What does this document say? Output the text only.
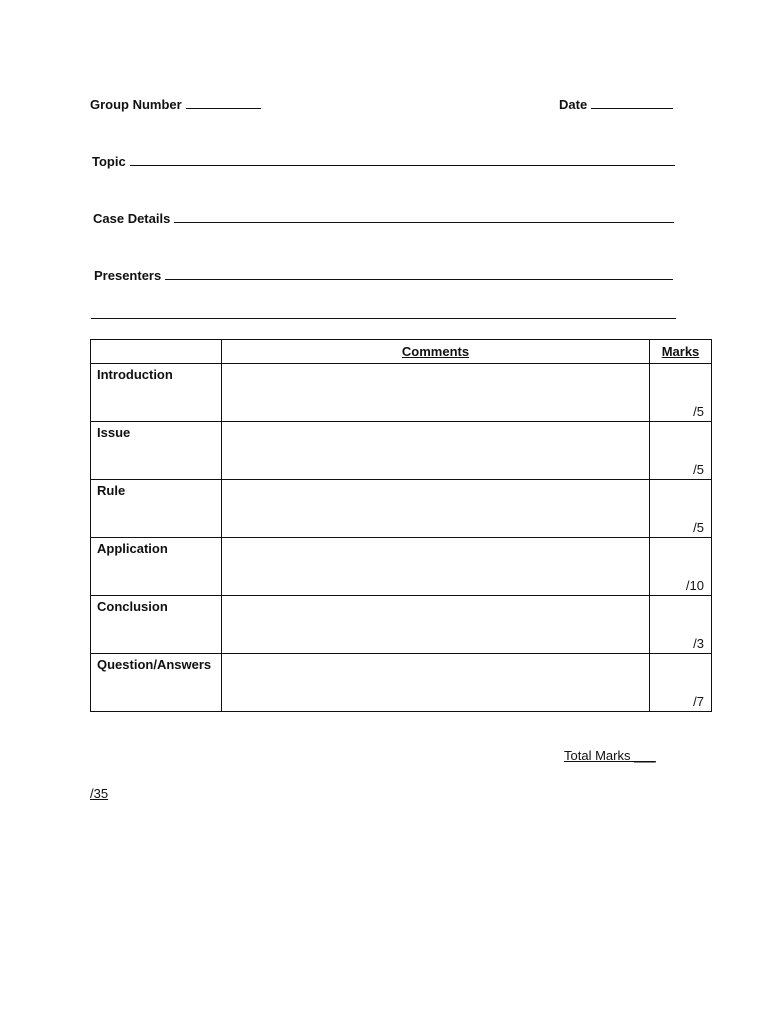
Group Number	Date
Topic
Case Details
Presenters
	Comments	Marks
Introduction		/5
Issue		/5
Rule		/5
Application		/10
Conclusion		/3
Question/Answers		/7
Total Marks ___
/35
